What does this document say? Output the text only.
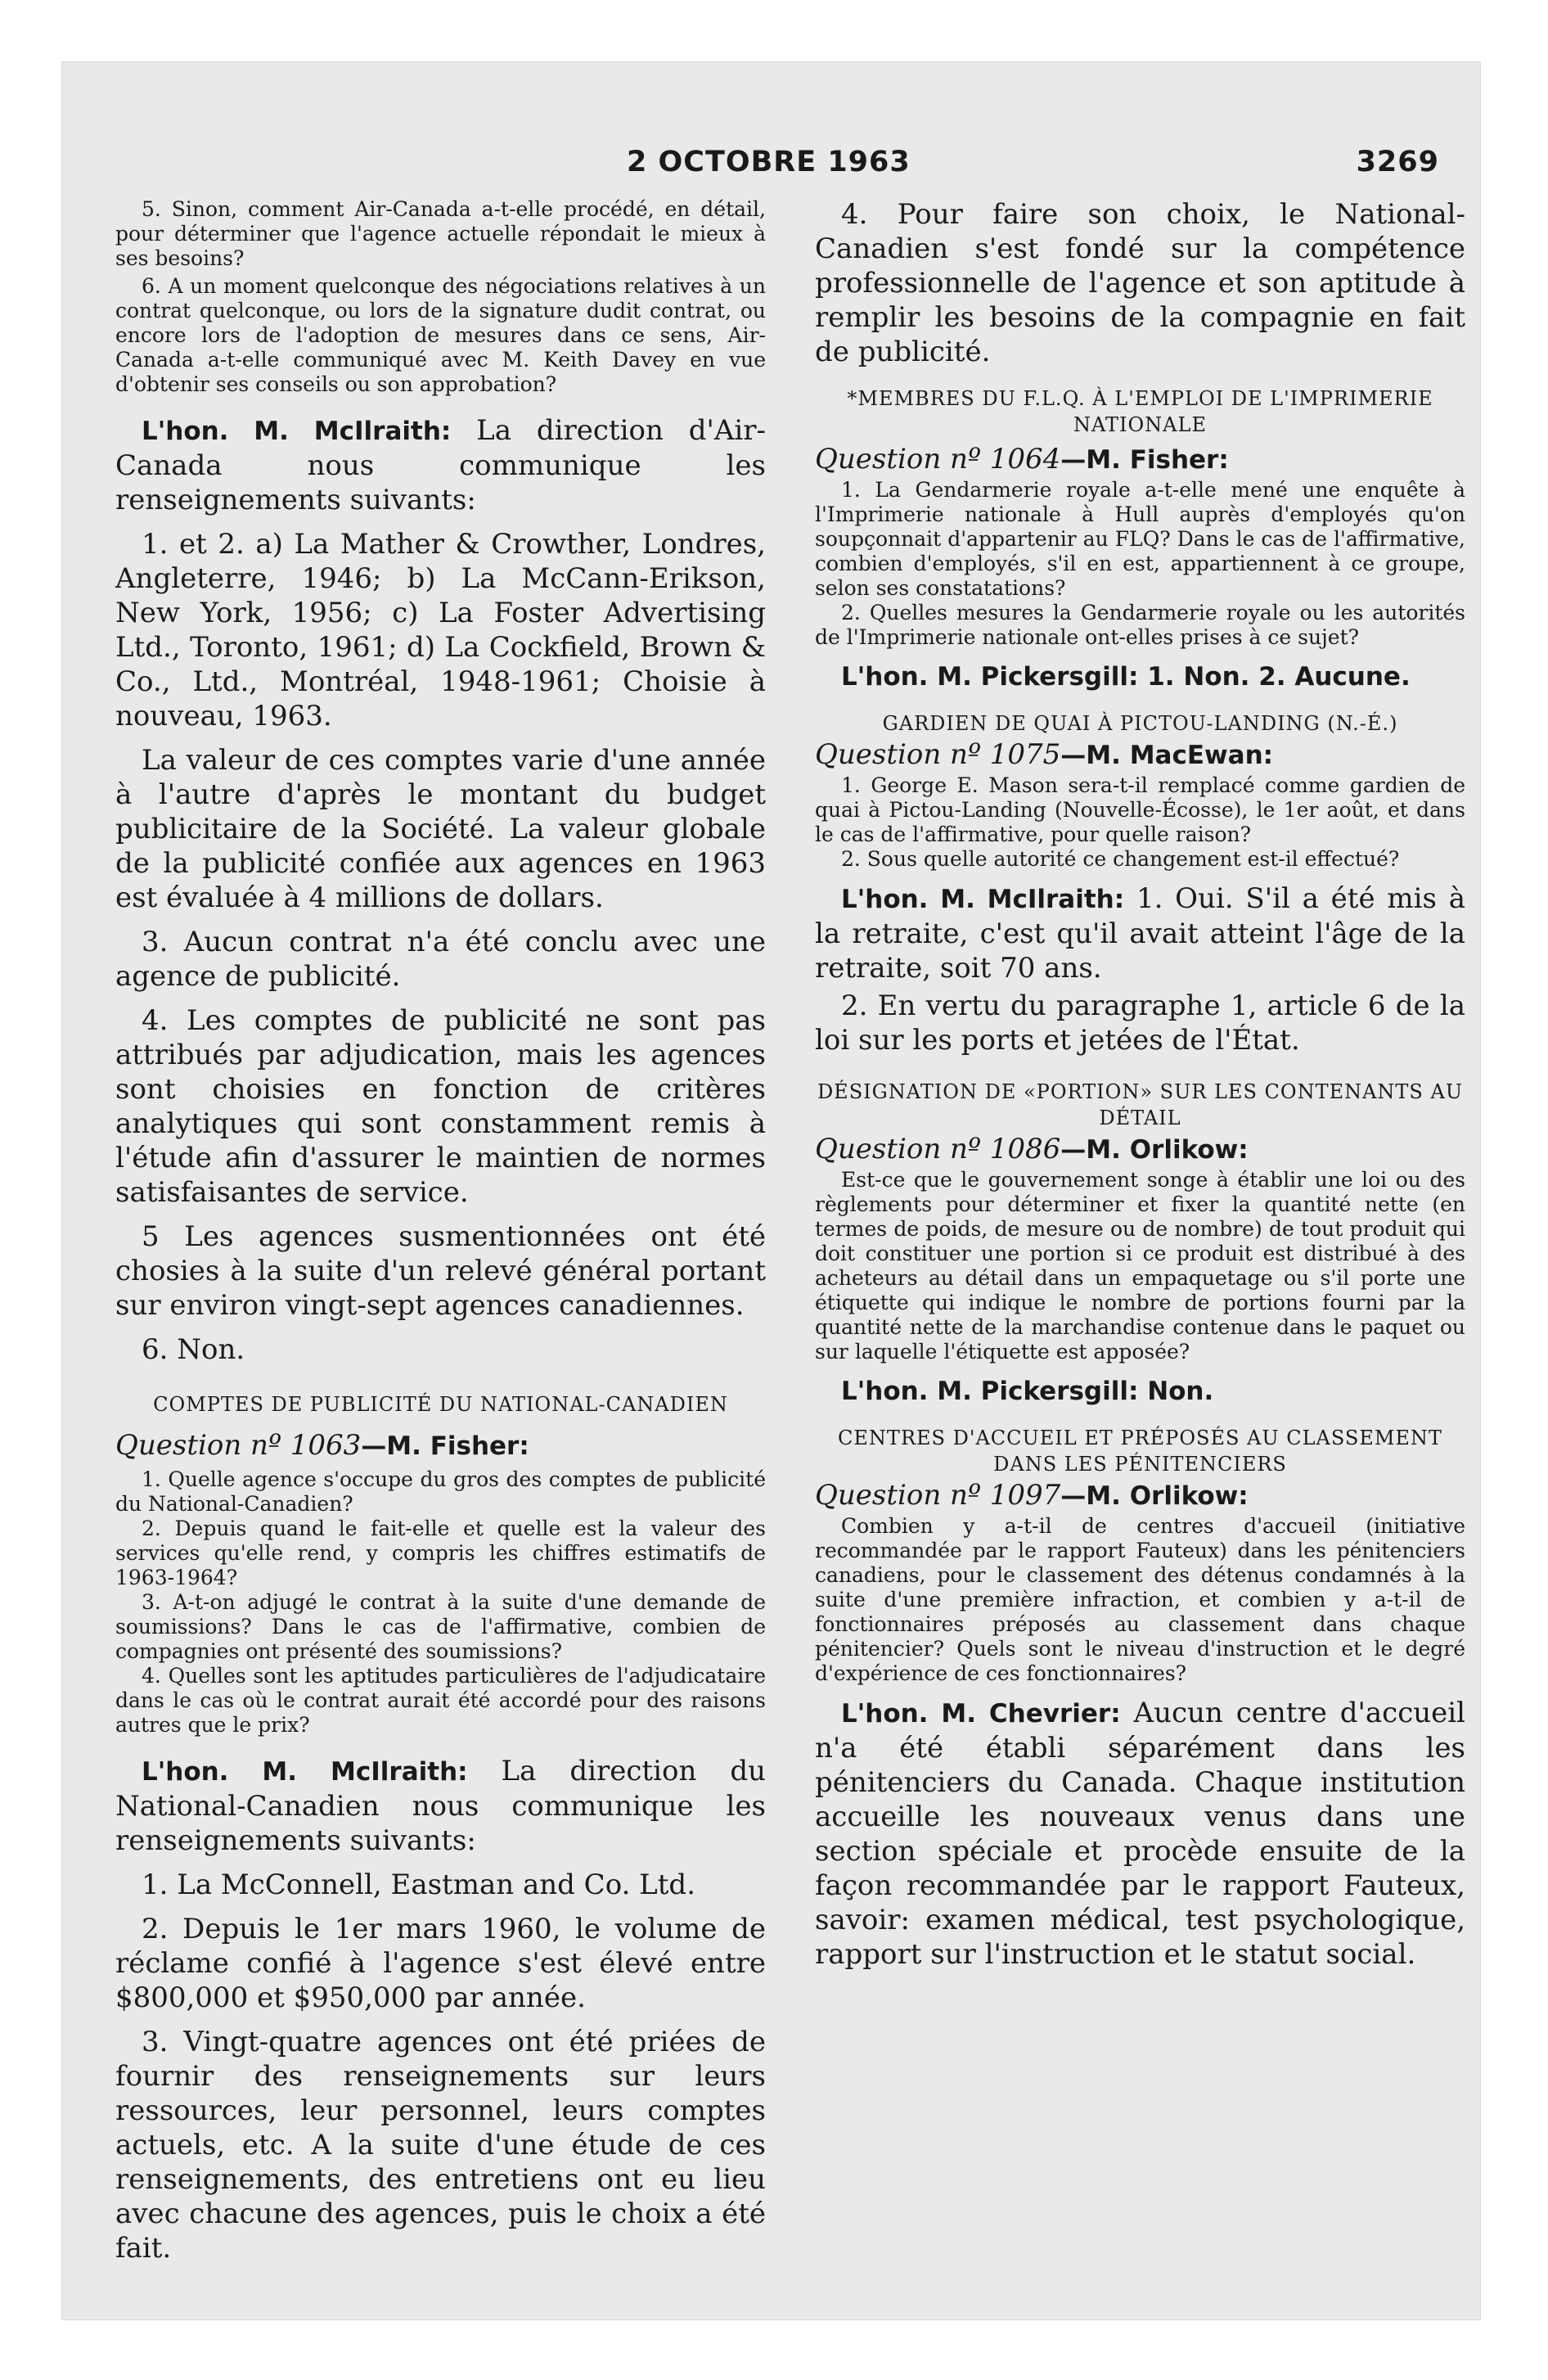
2 OCTOBRE 1963	3269

5. Sinon, comment Air-Canada a-t-elle procédé, en détail, pour déterminer que l'agence actuelle répondait le mieux à ses besoins?

6. A un moment quelconque des négociations relatives à un contrat quelconque, ou lors de la signature dudit contrat, ou encore lors de l'adoption de mesures dans ce sens, Air-Canada a-t-elle communiqué avec M. Keith Davey en vue d'obtenir ses conseils ou son approbation?

L'hon. M. McIlraith: La direction d'Air-Canada nous communique les renseignements suivants:

1. et 2. a) La Mather & Crowther, Londres, Angleterre, 1946; b) La McCann-Erikson, New York, 1956; c) La Foster Advertising Ltd., Toronto, 1961; d) La Cockfield, Brown & Co., Ltd., Montréal, 1948-1961; Choisie à nouveau, 1963.

La valeur de ces comptes varie d'une année à l'autre d'après le montant du budget publicitaire de la Société. La valeur globale de la publicité confiée aux agences en 1963 est évaluée à 4 millions de dollars.

3. Aucun contrat n'a été conclu avec une agence de publicité.

4. Les comptes de publicité ne sont pas attribués par adjudication, mais les agences sont choisies en fonction de critères analytiques qui sont constamment remis à l'étude afin d'assurer le maintien de normes satisfaisantes de service.

5 Les agences susmentionnées ont été chosies à la suite d'un relevé général portant sur environ vingt-sept agences canadiennes.

6. Non.

COMPTES DE PUBLICITÉ DU NATIONAL-CANADIEN

Question nº 1063—M. Fisher:

1. Quelle agence s'occupe du gros des comptes de publicité du National-Canadien?

2. Depuis quand le fait-elle et quelle est la valeur des services qu'elle rend, y compris les chiffres estimatifs de 1963-1964?

3. A-t-on adjugé le contrat à la suite d'une demande de soumissions? Dans le cas de l'affirmative, combien de compagnies ont présenté des soumissions?

4. Quelles sont les aptitudes particulières de l'adjudicataire dans le cas où le contrat aurait été accordé pour des raisons autres que le prix?

L'hon. M. McIlraith: La direction du National-Canadien nous communique les renseignements suivants:

1. La McConnell, Eastman and Co. Ltd.

2. Depuis le 1er mars 1960, le volume de réclame confié à l'agence s'est élevé entre $800,000 et $950,000 par année.

3. Vingt-quatre agences ont été priées de fournir des renseignements sur leurs ressources, leur personnel, leurs comptes actuels, etc. A la suite d'une étude de ces renseignements, des entretiens ont eu lieu avec chacune des agences, puis le choix a été fait.

4. Pour faire son choix, le National-Canadien s'est fondé sur la compétence professionnelle de l'agence et son aptitude à remplir les besoins de la compagnie en fait de publicité.

*MEMBRES DU F.L.Q. À L'EMPLOI DE L'IMPRIMERIE NATIONALE

Question nº 1064—M. Fisher:

1. La Gendarmerie royale a-t-elle mené une enquête à l'Imprimerie nationale à Hull auprès d'employés qu'on soupçonnait d'appartenir au FLQ? Dans le cas de l'affirmative, combien d'employés, s'il en est, appartiennent à ce groupe, selon ses constatations?

2. Quelles mesures la Gendarmerie royale ou les autorités de l'Imprimerie nationale ont-elles prises à ce sujet?

L'hon. M. Pickersgill: 1. Non. 2. Aucune.

GARDIEN DE QUAI À PICTOU-LANDING (N.-É.)

Question nº 1075—M. MacEwan:

1. George E. Mason sera-t-il remplacé comme gardien de quai à Pictou-Landing (Nouvelle-Écosse), le 1er août, et dans le cas de l'affirmative, pour quelle raison?

2. Sous quelle autorité ce changement est-il effectué?

L'hon. M. McIlraith: 1. Oui. S'il a été mis à la retraite, c'est qu'il avait atteint l'âge de la retraite, soit 70 ans.

2. En vertu du paragraphe 1, article 6 de la loi sur les ports et jetées de l'État.

DÉSIGNATION DE «PORTION» SUR LES CONTENANTS AU DÉTAIL

Question nº 1086—M. Orlikow:

Est-ce que le gouvernement songe à établir une loi ou des règlements pour déterminer et fixer la quantité nette (en termes de poids, de mesure ou de nombre) de tout produit qui doit constituer une portion si ce produit est distribué à des acheteurs au détail dans un empaquetage ou s'il porte une étiquette qui indique le nombre de portions fourni par la quantité nette de la marchandise contenue dans le paquet ou sur laquelle l'étiquette est apposée?

L'hon. M. Pickersgill: Non.

CENTRES D'ACCUEIL ET PRÉPOSÉS AU CLASSEMENT DANS LES PÉNITENCIERS

Question nº 1097—M. Orlikow:

Combien y a-t-il de centres d'accueil (initiative recommandée par le rapport Fauteux) dans les pénitenciers canadiens, pour le classement des détenus condamnés à la suite d'une première infraction, et combien y a-t-il de fonctionnaires préposés au classement dans chaque pénitencier? Quels sont le niveau d'instruction et le degré d'expérience de ces fonctionnaires?

L'hon. M. Chevrier: Aucun centre d'accueil n'a été établi séparément dans les pénitenciers du Canada. Chaque institution accueille les nouveaux venus dans une section spéciale et procède ensuite de la façon recommandée par le rapport Fauteux, savoir: examen médical, test psychologique, rapport sur l'instruction et le statut social.
